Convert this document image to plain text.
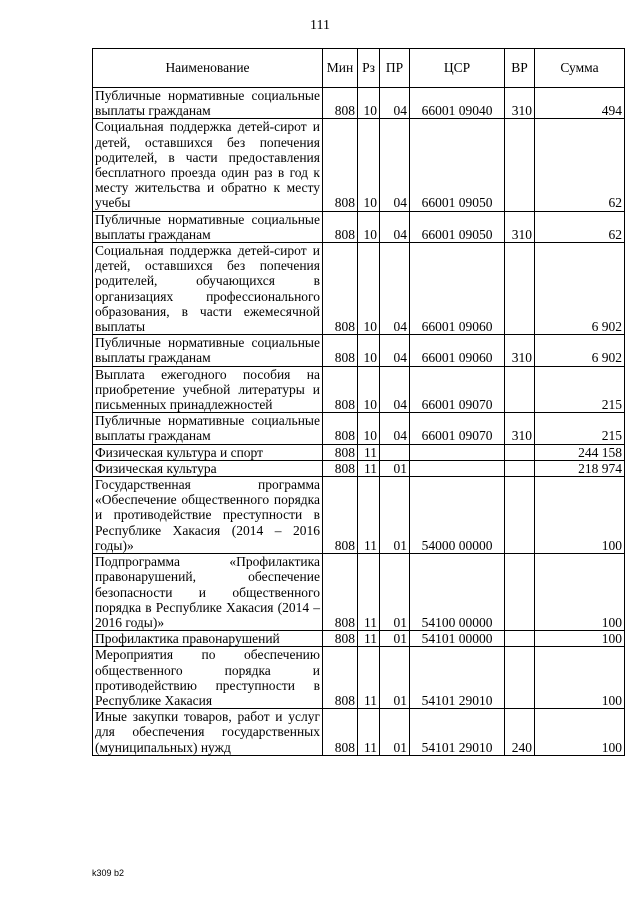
111
Наименование	Мин	Рз	ПР	ЦСР	ВР	Сумма
Публичные нормативные социальные выплаты гражданам	808	10	04	66001 09040	310	494
Социальная поддержка детей-сирот и детей, оставшихся без попечения родителей, в части предоставления бесплатного проезда один раз в год к месту жительства и обратно к месту учебы	808	10	04	66001 09050		62
Публичные нормативные социальные выплаты гражданам	808	10	04	66001 09050	310	62
Социальная поддержка детей-сирот и детей, оставшихся без попечения родителей, обучающихся в организациях профессионального образования, в части ежемесячной выплаты	808	10	04	66001 09060		6 902
Публичные нормативные социальные выплаты гражданам	808	10	04	66001 09060	310	6 902
Выплата ежегодного пособия на приобретение учебной литературы и письменных принадлежностей	808	10	04	66001 09070		215
Публичные нормативные социальные выплаты гражданам	808	10	04	66001 09070	310	215
Физическая культура и спорт	808	11				244 158
Физическая культура	808	11	01			218 974
Государственная программа «Обеспечение общественного порядка и противодействие преступности в Республике Хакасия (2014 – 2016 годы)»	808	11	01	54000 00000		100
Подпрограмма «Профилактика правонарушений, обеспечение безопасности и общественного порядка в Республике Хакасия (2014 – 2016 годы)»	808	11	01	54100 00000		100
Профилактика правонарушений	808	11	01	54101 00000		100
Мероприятия по обеспечению общественного порядка и противодействию преступности в Республике Хакасия	808	11	01	54101 29010		100
Иные закупки товаров, работ и услуг для обеспечения государственных (муниципальных) нужд	808	11	01	54101 29010	240	100
k309 b2
